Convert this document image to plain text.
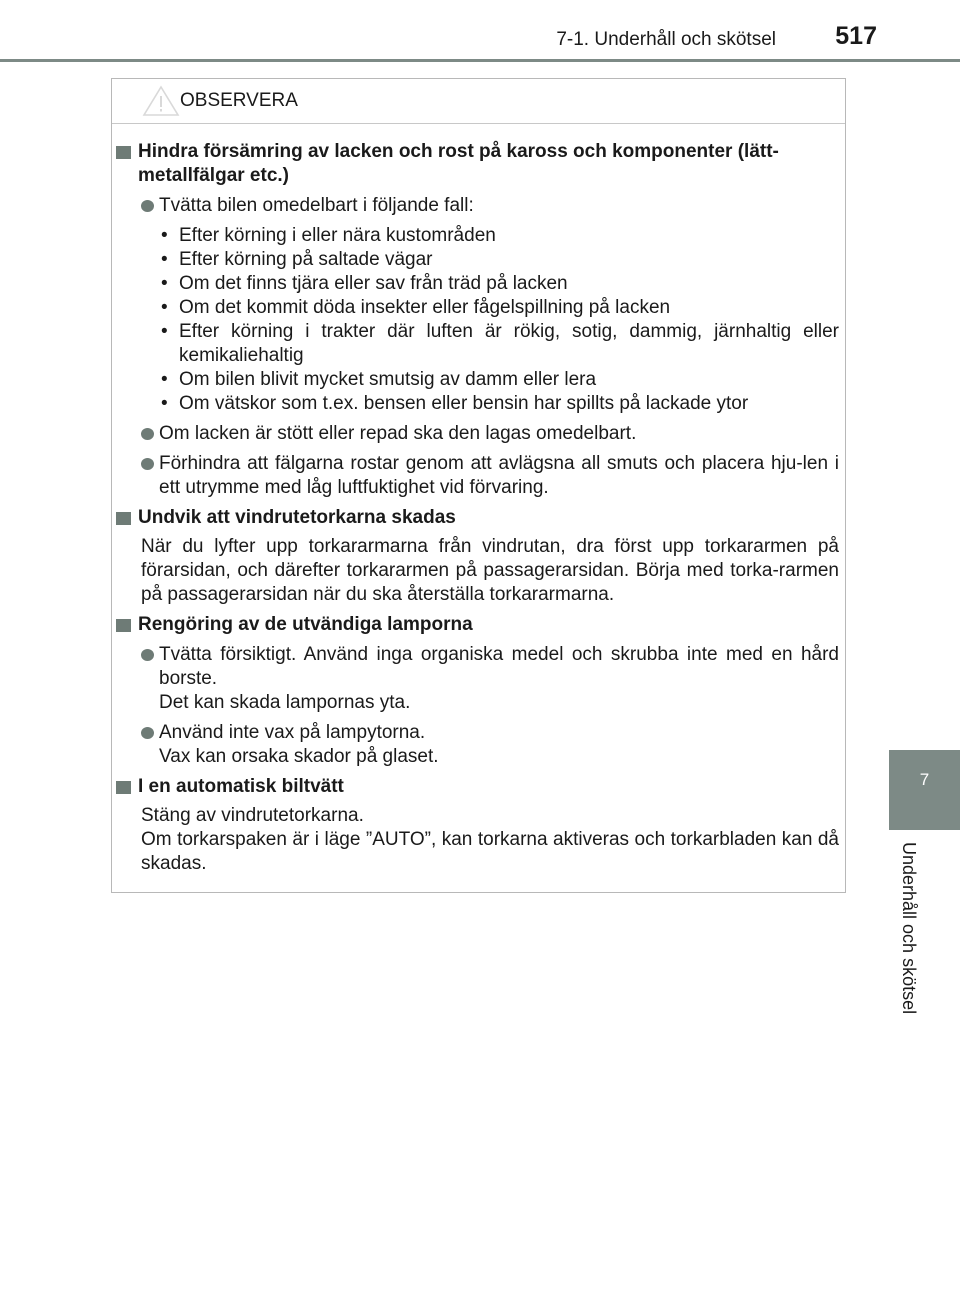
7-1. Underhåll och skötsel 517
7
Underhåll och skötsel
OBSERVERA
Hindra försämring av lacken och rost på kaross och komponenter (lätt-metallfälgar etc.)
Tvätta bilen omedelbart i följande fall:
• Efter körning i eller nära kustområden
• Efter körning på saltade vägar
• Om det finns tjära eller sav från träd på lacken
• Om det kommit döda insekter eller fågelspillning på lacken
• Efter körning i trakter där luften är rökig, sotig, dammig, järnhaltig eller kemikaliehaltig
• Om bilen blivit mycket smutsig av damm eller lera
• Om vätskor som t.ex. bensen eller bensin har spillts på lackade ytor
Om lacken är stött eller repad ska den lagas omedelbart.
Förhindra att fälgarna rostar genom att avlägsna all smuts och placera hju-len i ett utrymme med låg luftfuktighet vid förvaring.
Undvik att vindrutetorkarna skadas
När du lyfter upp torkararmarna från vindrutan, dra först upp torkararmen på förarsidan, och därefter torkararmen på passagerarsidan. Börja med torka-rarmen på passagerarsidan när du ska återställa torkararmarna.
Rengöring av de utvändiga lamporna
Tvätta försiktigt. Använd inga organiska medel och skrubba inte med en hård borste.
Det kan skada lampornas yta.
Använd inte vax på lampytorna.
Vax kan orsaka skador på glaset.
I en automatisk biltvätt
Stäng av vindrutetorkarna.
Om torkarspaken är i läge ”AUTO”, kan torkarna aktiveras och torkarbladen kan då skadas.
